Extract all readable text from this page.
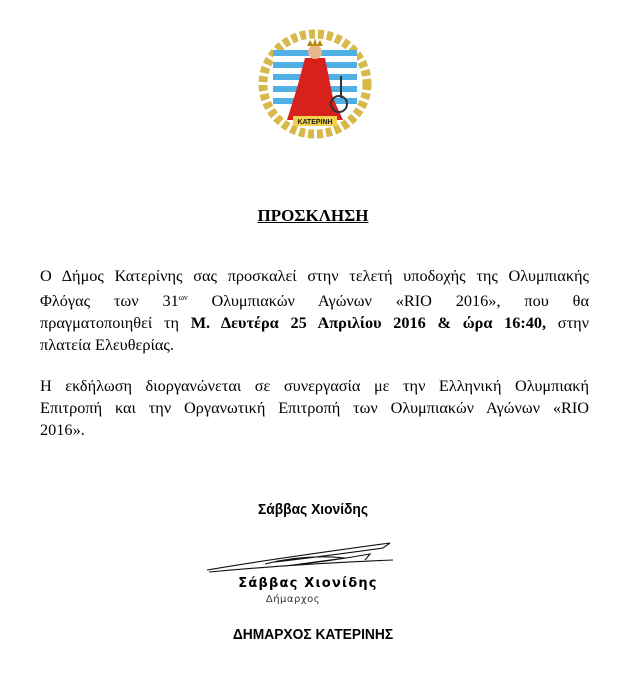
ΚΑΤΕΡΙΝΗ
ΠΡΟΣΚΛΗΣΗ
Ο Δήμος Κατερίνης σας προσκαλεί στην τελετή υποδοχής της Ολυμπιακής
Φλόγας των $31^{\omega\nu}$ Ολυμπιακών Αγώνων «RIO 2016», που θα
πραγματοποιηθεί τη Μ. Δευτέρα 25 Απριλίου 2016 & ώρα 16:40, στην
πλατεία Ελευθερίας.
Η εκδήλωση διοργανώνεται σε συνεργασία με την Ελληνική Ολυμπιακή
Επιτροπή και την Οργανωτική Επιτροπή των Ολυμπιακών Αγώνων «RIO
2016».
Σάββας Χιονίδης
Σάββας Χιονίδης
Δήμαρχος
ΔΗΜΑΡΧΟΣ ΚΑΤΕΡΙΝΗΣ
